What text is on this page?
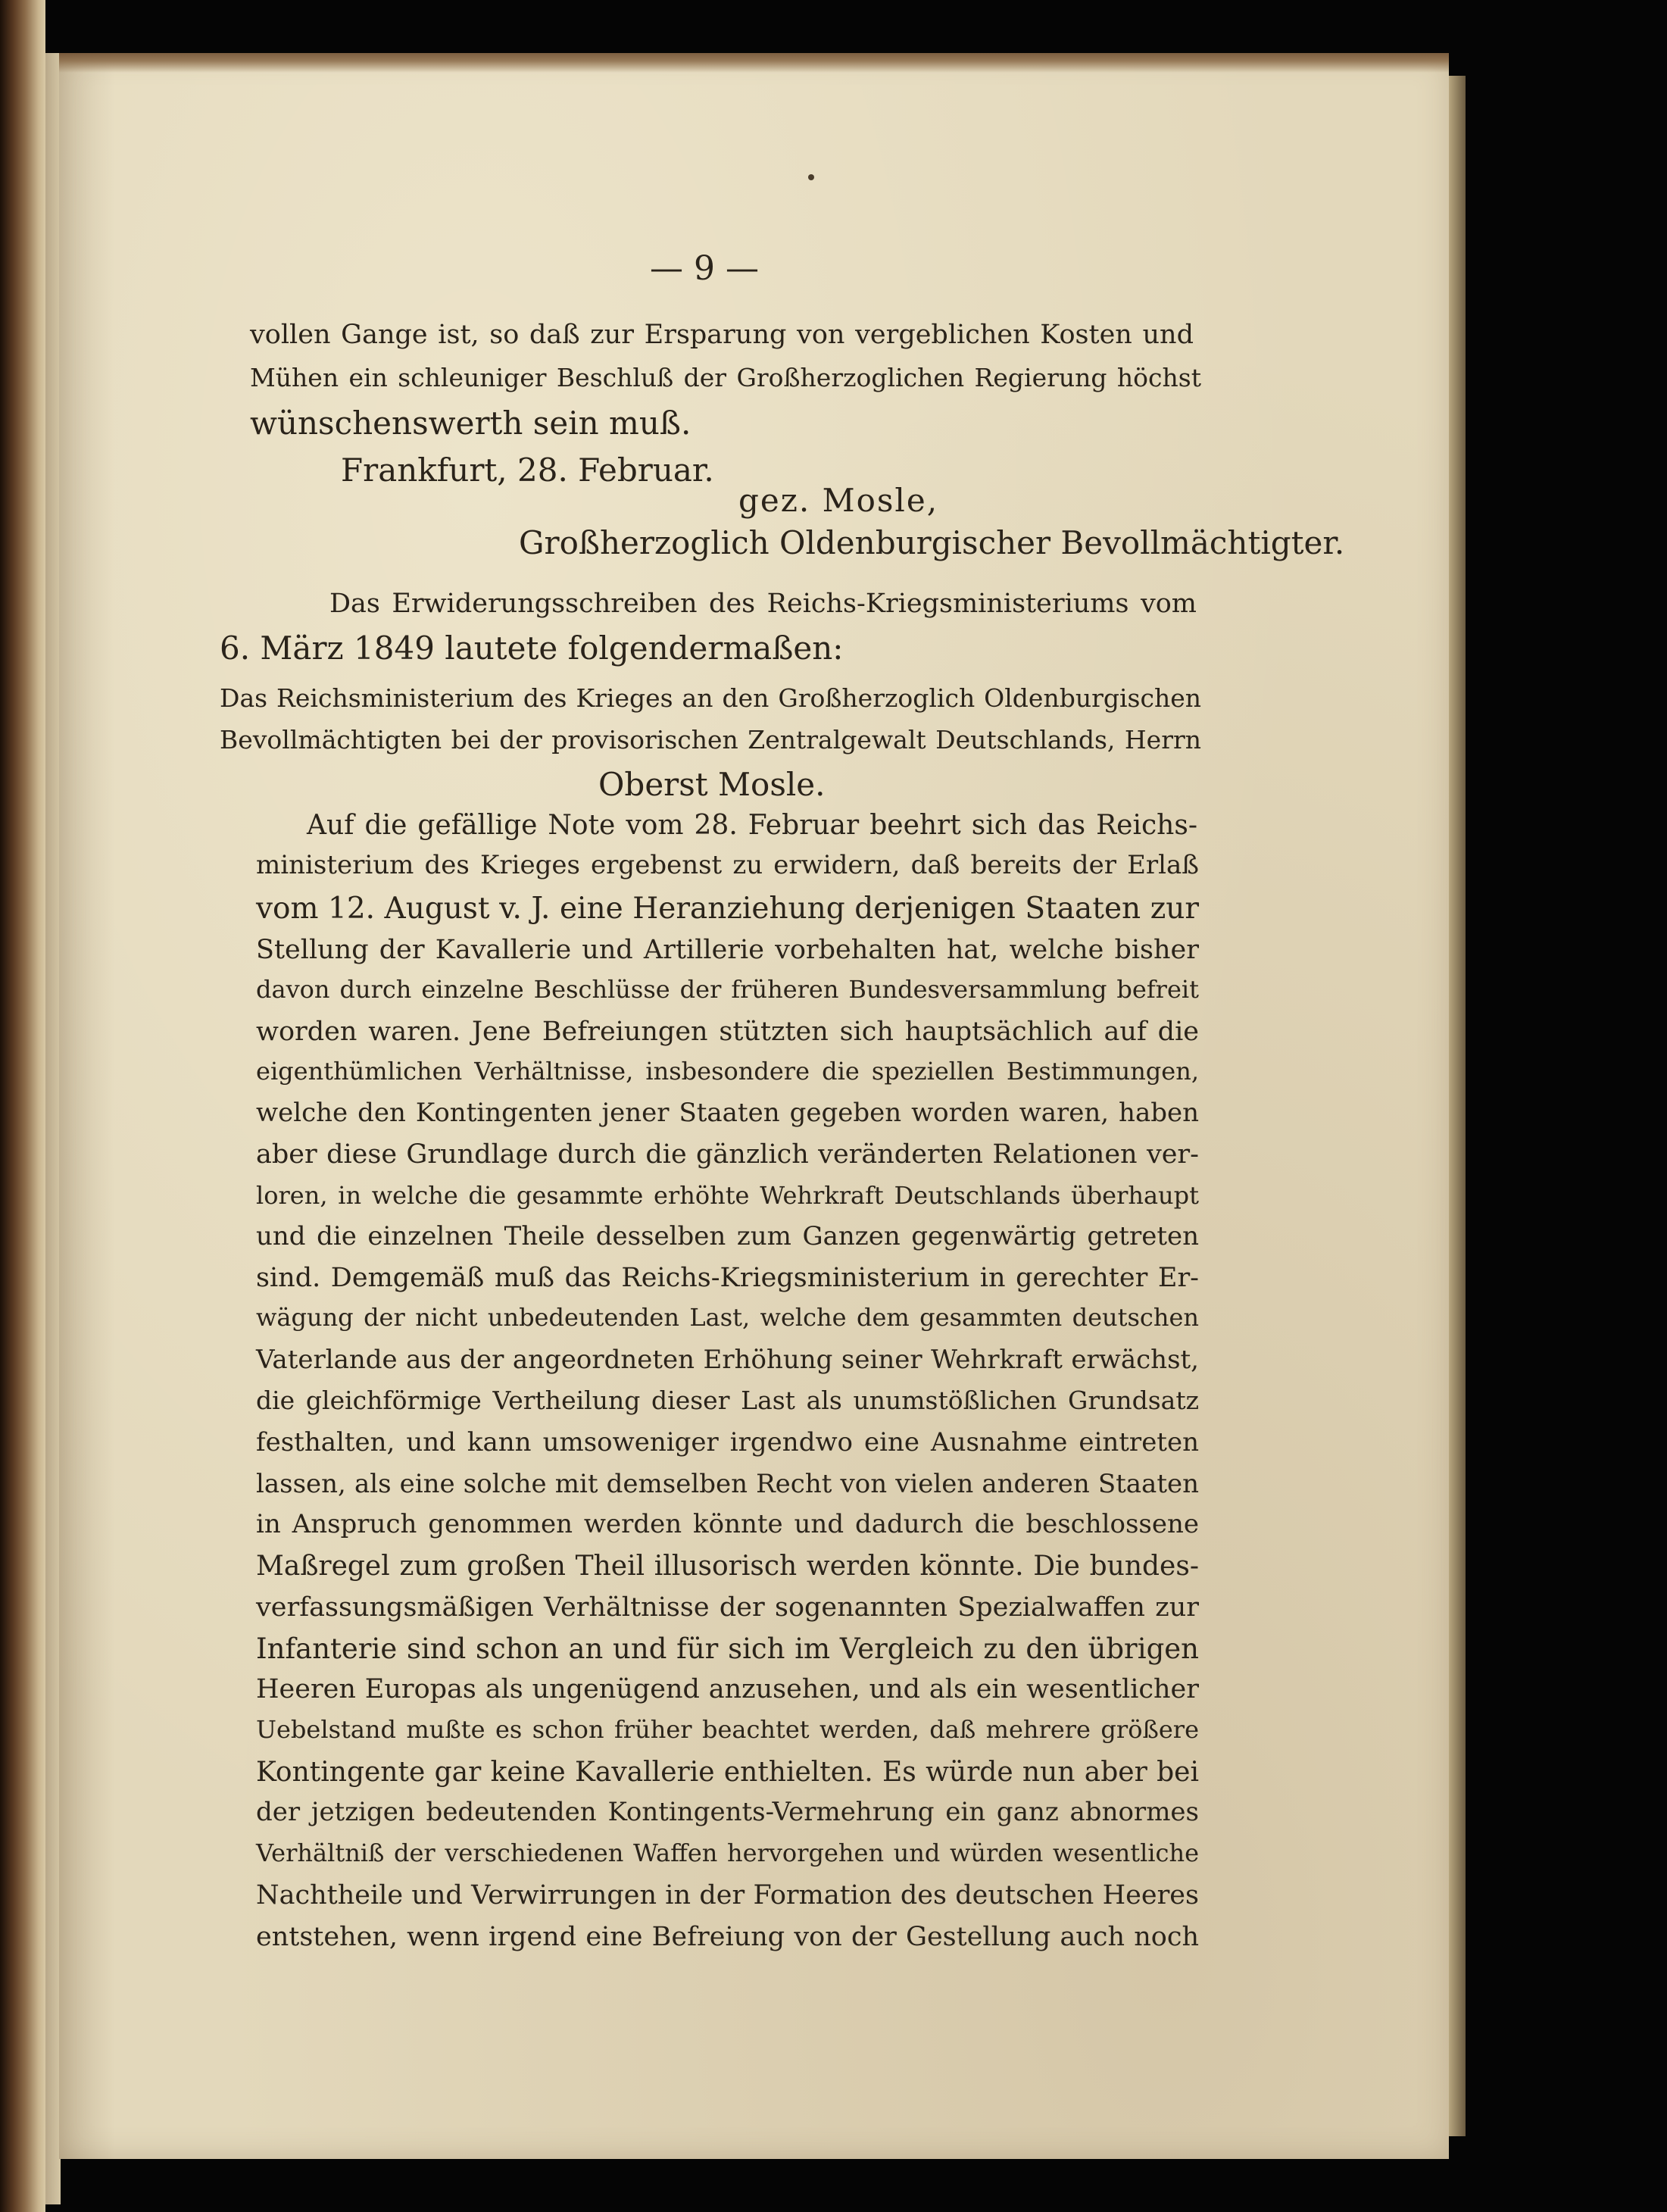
— 9 —
vollen Gange ist, so daß zur Ersparung von vergeblichen Kosten und
Mühen ein schleuniger Beschluß der Großherzoglichen Regierung höchst
wünschenswerth sein muß.
Frankfurt, 28. Februar.
gez. Mosle,
Großherzoglich Oldenburgischer Bevollmächtigter.
Das Erwiderungsschreiben des Reichs-Kriegsministeriums vom
6. März 1849 lautete folgendermaßen:
Das Reichsministerium des Krieges an den Großherzoglich Oldenburgischen
Bevollmächtigten bei der provisorischen Zentralgewalt Deutschlands, Herrn
Oberst Mosle.
Auf die gefällige Note vom 28. Februar beehrt sich das Reichs-
ministerium des Krieges ergebenst zu erwidern, daß bereits der Erlaß
vom 12. August v. J. eine Heranziehung derjenigen Staaten zur
Stellung der Kavallerie und Artillerie vorbehalten hat, welche bisher
davon durch einzelne Beschlüsse der früheren Bundesversammlung befreit
worden waren. Jene Befreiungen stützten sich hauptsächlich auf die
eigenthümlichen Verhältnisse, insbesondere die speziellen Bestimmungen,
welche den Kontingenten jener Staaten gegeben worden waren, haben
aber diese Grundlage durch die gänzlich veränderten Relationen ver-
loren, in welche die gesammte erhöhte Wehrkraft Deutschlands überhaupt
und die einzelnen Theile desselben zum Ganzen gegenwärtig getreten
sind. Demgemäß muß das Reichs-Kriegsministerium in gerechter Er-
wägung der nicht unbedeutenden Last, welche dem gesammten deutschen
Vaterlande aus der angeordneten Erhöhung seiner Wehrkraft erwächst,
die gleichförmige Vertheilung dieser Last als unumstößlichen Grundsatz
festhalten, und kann umsoweniger irgendwo eine Ausnahme eintreten
lassen, als eine solche mit demselben Recht von vielen anderen Staaten
in Anspruch genommen werden könnte und dadurch die beschlossene
Maßregel zum großen Theil illusorisch werden könnte. Die bundes-
verfassungsmäßigen Verhältnisse der sogenannten Spezialwaffen zur
Infanterie sind schon an und für sich im Vergleich zu den übrigen
Heeren Europas als ungenügend anzusehen, und als ein wesentlicher
Uebelstand mußte es schon früher beachtet werden, daß mehrere größere
Kontingente gar keine Kavallerie enthielten. Es würde nun aber bei
der jetzigen bedeutenden Kontingents-Vermehrung ein ganz abnormes
Verhältniß der verschiedenen Waffen hervorgehen und würden wesentliche
Nachtheile und Verwirrungen in der Formation des deutschen Heeres
entstehen, wenn irgend eine Befreiung von der Gestellung auch noch
